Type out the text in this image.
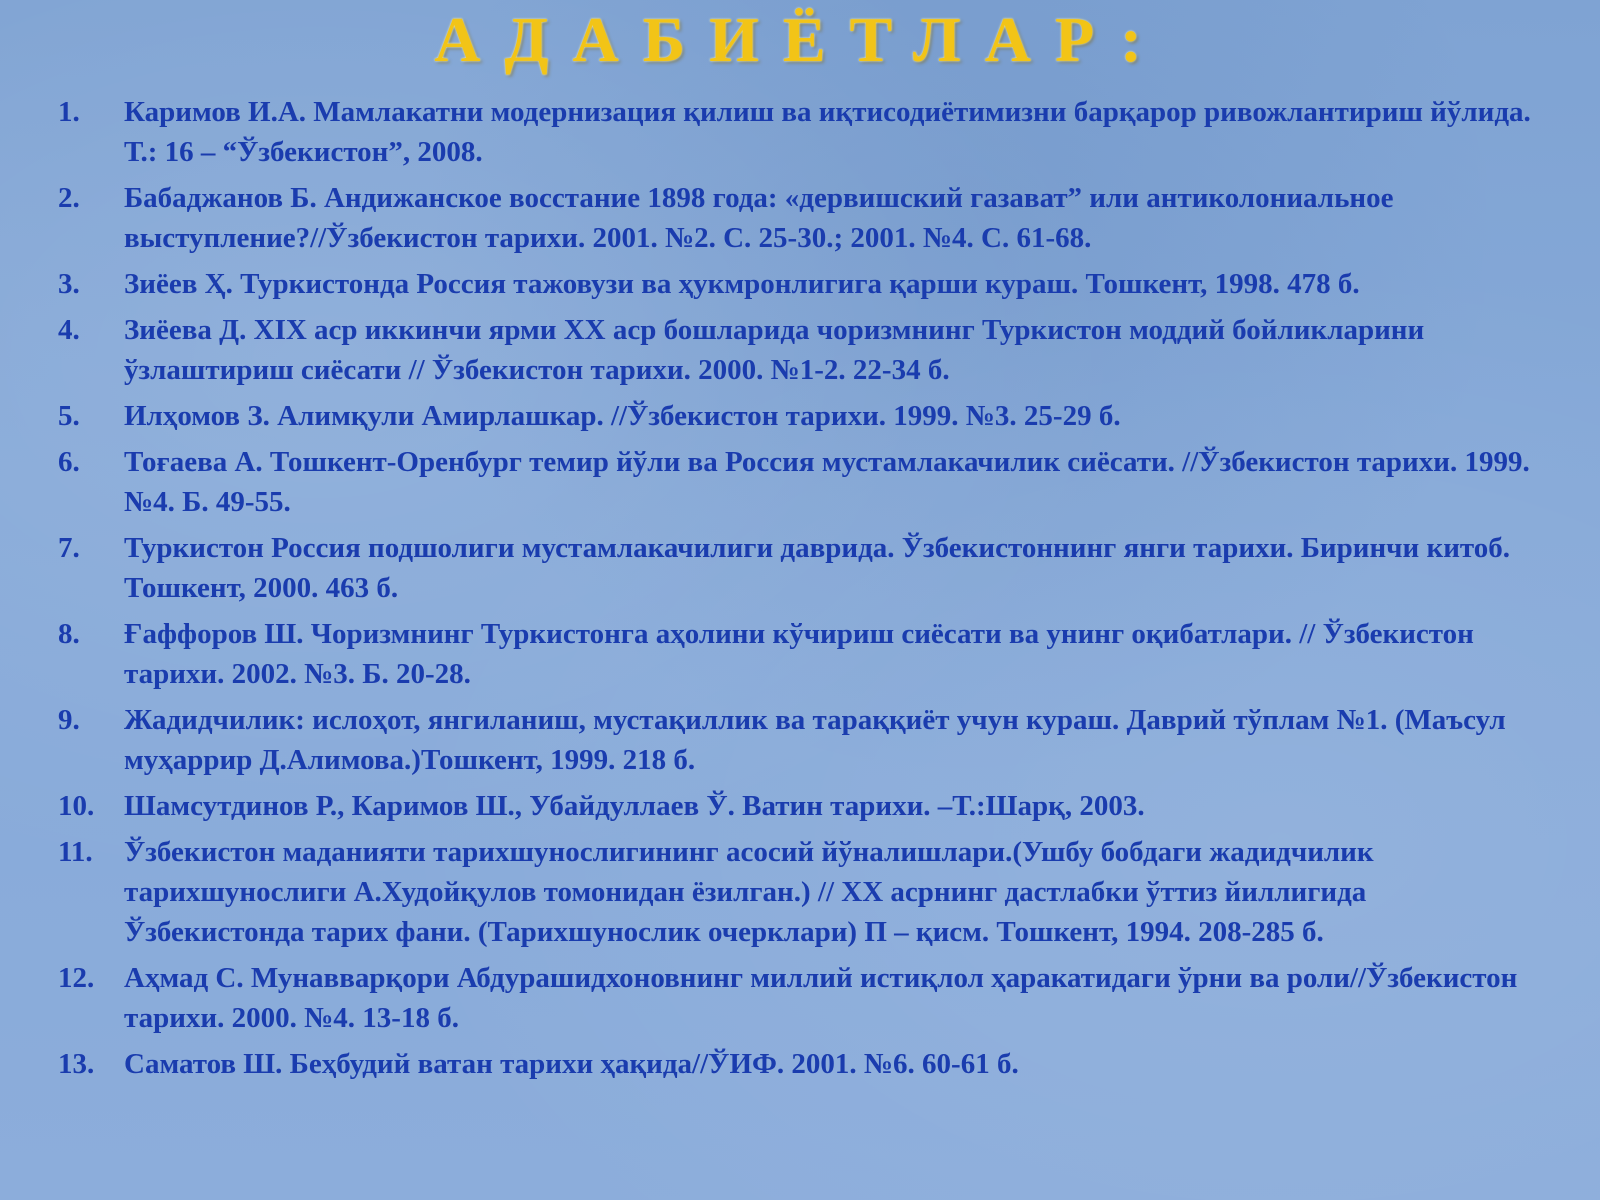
АДАБИЁТЛАР:
1.	Каримов И.А. Мамлакатни модернизация қилиш ва иқтисодиётимизни барқарор ривожлантириш йўлида. Т.: 16 – “Ўзбекистон”, 2008.
2.	Бабаджанов Б. Андижанское восстание 1898 года: «дервишский газават” или антиколониальное выступление?//Ўзбекистон тарихи. 2001. №2. С. 25-30.; 2001. №4. С. 61-68.
3.	Зиёев Ҳ. Туркистонда Россия тажовузи ва ҳукмронлигига қарши кураш. Тошкент, 1998. 478 б.
4.	Зиёева Д. XIX аср иккинчи ярми XX аср бошларида чоризмнинг Туркистон моддий бойликларини ўзлаштириш сиёсати // Ўзбекистон тарихи. 2000. №1-2. 22-34 б.
5.	Илҳомов З. Алимқули Амирлашкар. //Ўзбекистон тарихи. 1999. №3. 25-29 б.
6.	Тоғаева А. Тошкент-Оренбург темир йўли ва Россия мустамлакачилик сиёсати. //Ўзбекистон тарихи. 1999. №4. Б. 49-55.
7.	Туркистон Россия подшолиги мустамлакачилиги даврида. Ўзбекистоннинг янги тарихи. Биринчи китоб. Тошкент, 2000. 463 б.
8.	Ғаффоров Ш. Чоризмнинг Туркистонга аҳолини кўчириш сиёсати ва унинг оқибатлари. // Ўзбекистон тарихи. 2002. №3. Б. 20-28.
9.	Жадидчилик: ислоҳот, янгиланиш, мустақиллик ва тараққиёт учун кураш. Даврий тўплам №1. (Маъсул муҳаррир Д.Алимова.)Тошкент, 1999. 218 б.
10.	Шамсутдинов Р., Каримов Ш., Убайдуллаев Ў. Ватин тарихи. –Т.:Шарқ, 2003.
11.	Ўзбекистон маданияти тарихшунослигининг асосий йўналишлари.(Ушбу бобдаги жадидчилик тарихшунослиги А.Худойқулов томонидан ёзилган.) // XX асрнинг дастлабки ўттиз йиллигида Ўзбекистонда тарих фани. (Тарихшунослик очерклари) П – қисм. Тошкент, 1994. 208-285 б.
12.	Аҳмад С. Мунавварқори Абдурашидхоновнинг миллий истиқлол ҳаракатидаги ўрни ва роли//Ўзбекистон тарихи. 2000. №4. 13-18 б.
13.	Саматов Ш. Беҳбудий ватан тарихи ҳақида//ЎИФ. 2001. №6. 60-61 б.
